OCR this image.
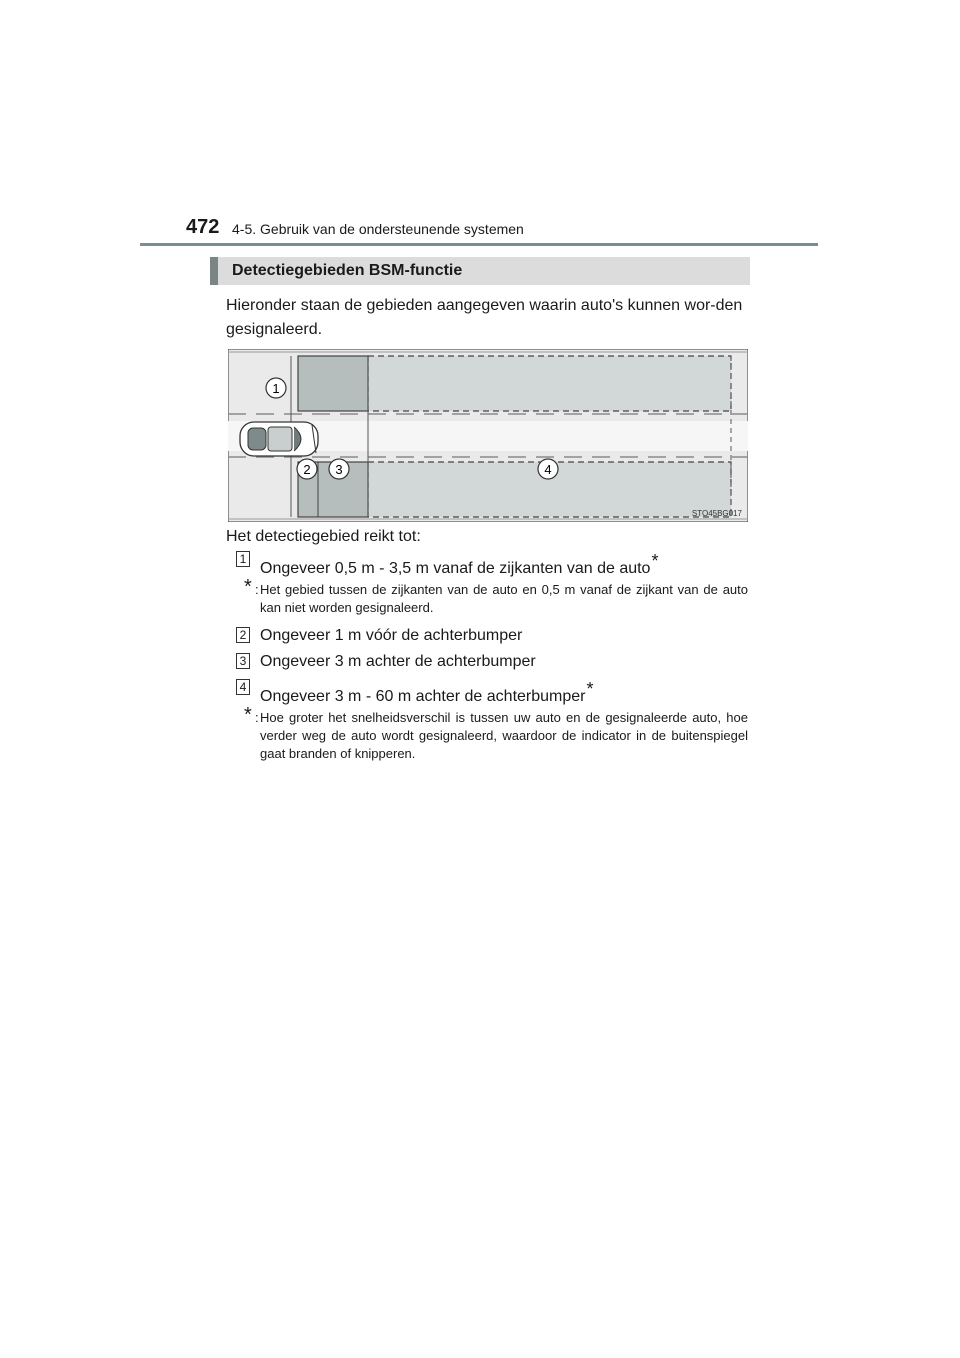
472 4-5. Gebruik van de ondersteunende systemen
Detectiegebieden BSM-functie
Hieronder staan de gebieden aangegeven waarin auto's kunnen wor-den gesignaleerd.
1
2 3	4
STO45BG017
Het detectiegebied reikt tot:
1
Ongeveer 0,5 m - 3,5 m vanaf de zijkanten van de auto*
* : Het gebied tussen de zijkanten van de auto en 0,5 m vanaf de zijkant van de auto kan niet worden gesignaleerd.
2 Ongeveer 1 m vóór de achterbumper
3 Ongeveer 3 m achter de achterbumper
4
Ongeveer 3 m - 60 m achter de achterbumper*
* : Hoe groter het snelheidsverschil is tussen uw auto en de gesignaleerde auto, hoe verder weg de auto wordt gesignaleerd, waardoor de indicator in de buitenspiegel gaat branden of knipperen.
